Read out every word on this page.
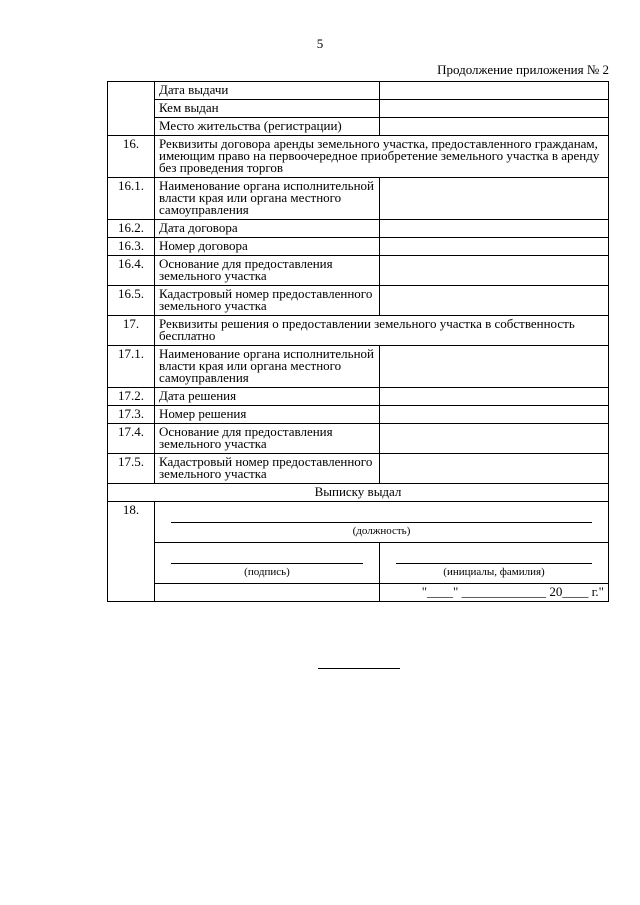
5
Продолжение приложения № 2
	Дата выдачи	
	Кем выдан	
	Место жительства (регистрации)	
16.	Реквизиты договора аренды земельного участка, предоставленного гражданам, имеющим право на первоочередное приобретение земельного участка в аренду без проведения торгов	
16.1.	Наименование органа исполнительной власти края или органа местного самоуправления	
16.2.	Дата договора	
16.3.	Номер договора	
16.4.	Основание для предоставления земельного участка	
16.5.	Кадастровый номер предоставленного земельного участка	
17.	Реквизиты решения о предоставлении земельного участка в собственность бесплатно	
17.1.	Наименование органа исполнительной власти края или органа местного самоуправления	
17.2.	Дата решения	
17.3.	Номер решения	
17.4.	Основание для предоставления земельного участка	
17.5.	Кадастровый номер предоставленного земельного участка	
Выписку выдал		
18.	(должность)	

	(подпись)	(инициалы, фамилия)

		"____" _____________ 20____ г."
